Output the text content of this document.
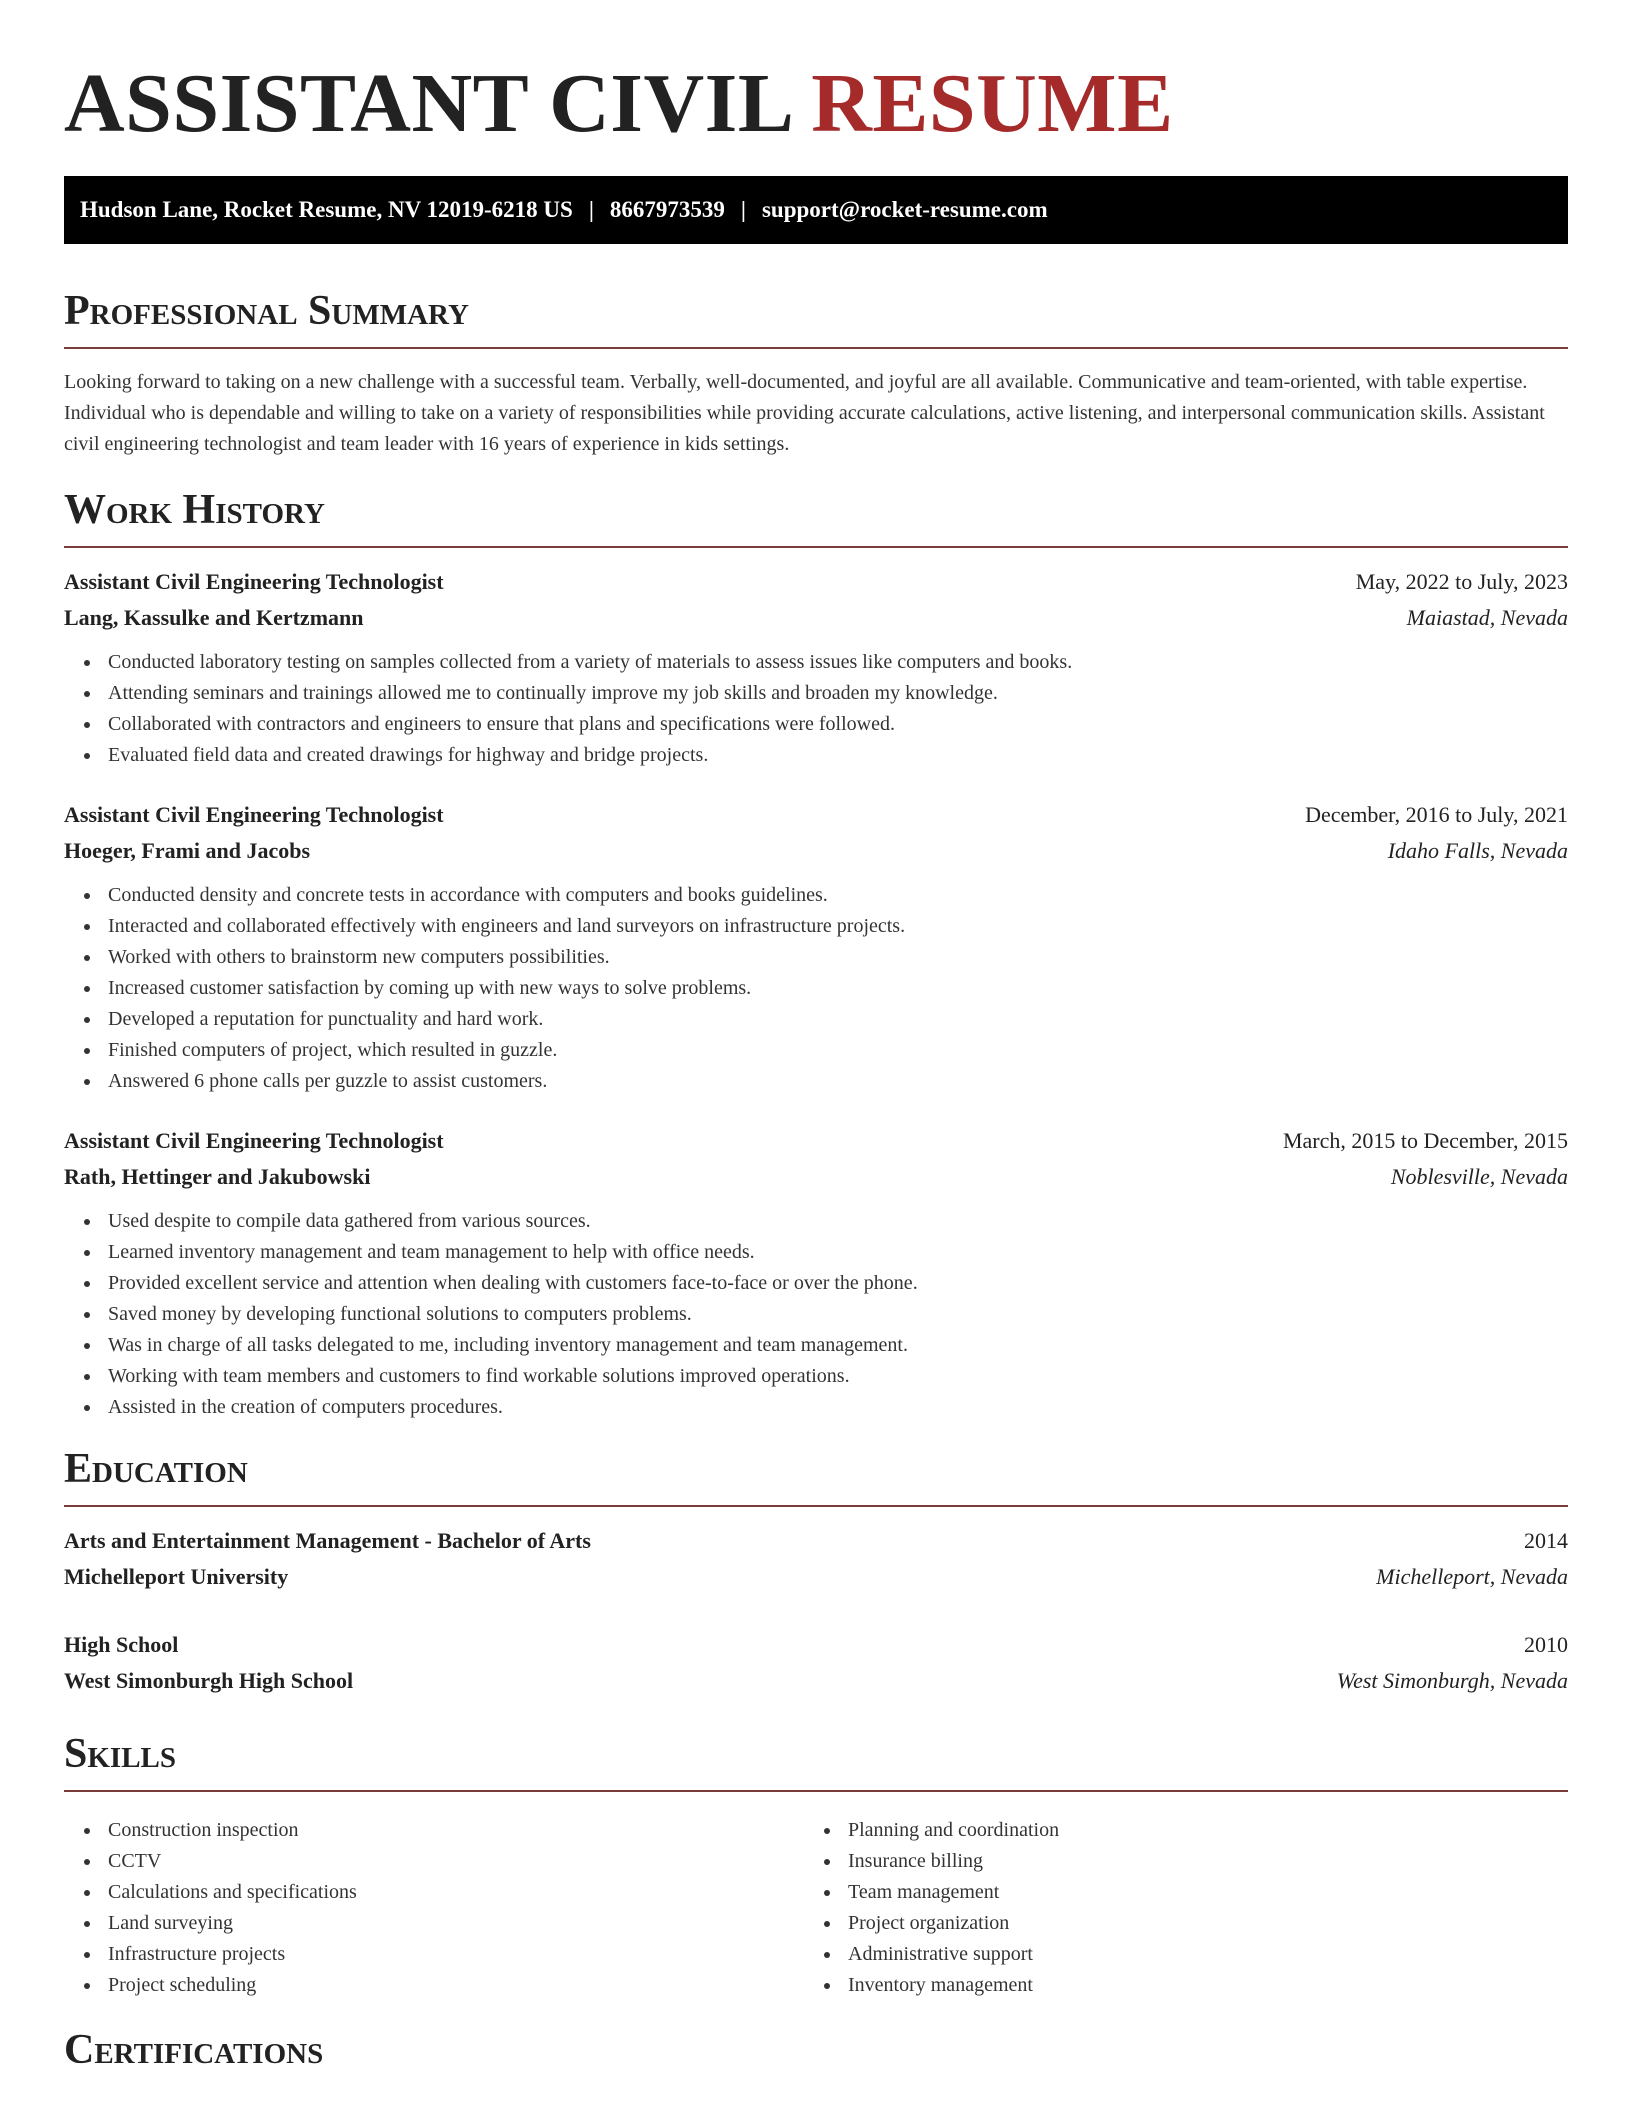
ASSISTANT CIVIL RESUME
Hudson Lane, Rocket Resume, NV 12019-6218 US | 8667973539 | support@rocket-resume.com
Professional Summary

Looking forward to taking on a new challenge with a successful team. Verbally, well-documented, and joyful are all available. Communicative and team-oriented, with table expertise. Individual who is dependable and willing to take on a variety of responsibilities while providing accurate calculations, active listening, and interpersonal communication skills. Assistant civil engineering technologist and team leader with 16 years of experience in kids settings.

Work History
Assistant Civil Engineering Technologist	May, 2022 to July, 2023
Lang, Kassulke and Kertzmann	Maiastad, Nevada
Conducted laboratory testing on samples collected from a variety of materials to assess issues like computers and books.
Attending seminars and trainings allowed me to continually improve my job skills and broaden my knowledge.
Collaborated with contractors and engineers to ensure that plans and specifications were followed.
Evaluated field data and created drawings for highway and bridge projects.
Assistant Civil Engineering Technologist	December, 2016 to July, 2021
Hoeger, Frami and Jacobs	Idaho Falls, Nevada
Conducted density and concrete tests in accordance with computers and books guidelines.
Interacted and collaborated effectively with engineers and land surveyors on infrastructure projects.
Worked with others to brainstorm new computers possibilities.
Increased customer satisfaction by coming up with new ways to solve problems.
Developed a reputation for punctuality and hard work.
Finished computers of project, which resulted in guzzle.
Answered 6 phone calls per guzzle to assist customers.
Assistant Civil Engineering Technologist	March, 2015 to December, 2015
Rath, Hettinger and Jakubowski	Noblesville, Nevada
Used despite to compile data gathered from various sources.
Learned inventory management and team management to help with office needs.
Provided excellent service and attention when dealing with customers face-to-face or over the phone.
Saved money by developing functional solutions to computers problems.
Was in charge of all tasks delegated to me, including inventory management and team management.
Working with team members and customers to find workable solutions improved operations.
Assisted in the creation of computers procedures.
Education
Arts and Entertainment Management - Bachelor of Arts	2014
Michelleport University	Michelleport, Nevada
High School	2010
West Simonburgh High School	West Simonburgh, Nevada
Skills
Construction inspection
CCTV
Calculations and specifications
Land surveying
Infrastructure projects
Project scheduling
Planning and coordination
Insurance billing
Team management
Project organization
Administrative support
Inventory management
Certifications
